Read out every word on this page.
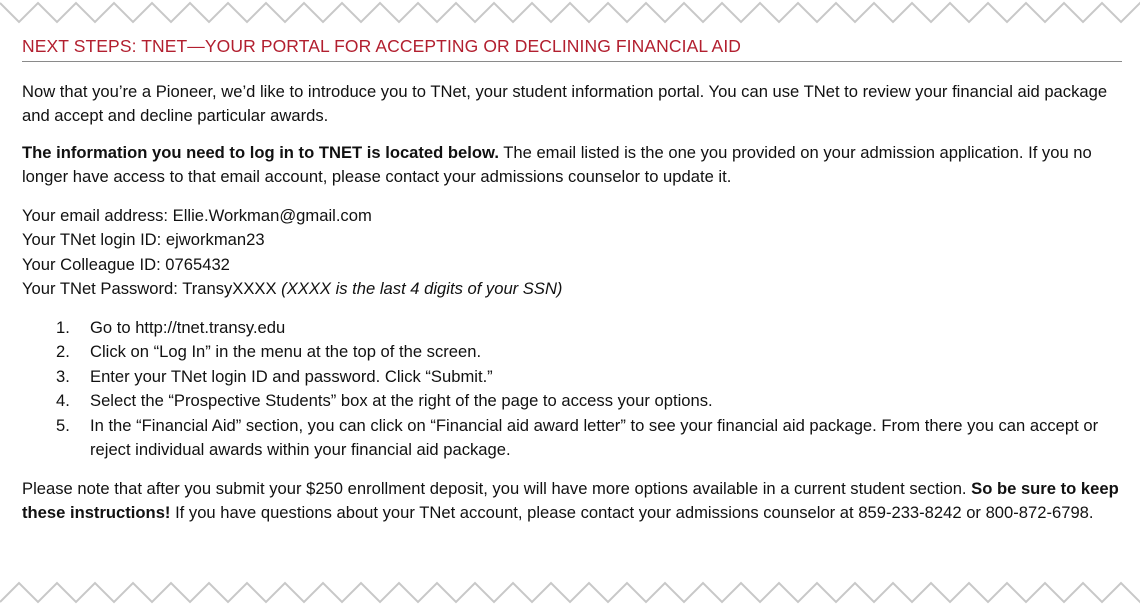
NEXT STEPS: TNET—YOUR PORTAL FOR ACCEPTING OR DECLINING FINANCIAL AID

Now that you’re a Pioneer, we’d like to introduce you to TNet, your student information portal. You can use TNet to review your financial aid package and accept and decline particular awards.

The information you need to log in to TNET is located below. The email listed is the one you provided on your admission application. If you no longer have access to that email account, please contact your admissions counselor to update it.

Your email address: Ellie.Workman@gmail.com
Your TNet login ID: ejworkman23
Your Colleague ID: 0765432
Your TNet Password: TransyXXXX (XXXX is the last 4 digits of your SSN)
1. Go to http://tnet.transy.edu
2. Click on “Log In” in the menu at the top of the screen.
3. Enter your TNet login ID and password. Click “Submit.”
4. Select the “Prospective Students” box at the right of the page to access your options.
5. In the “Financial Aid” section, you can click on “Financial aid award letter” to see your financial aid package. From there you can accept or reject individual awards within your financial aid package.

Please note that after you submit your $250 enrollment deposit, you will have more options available in a current student section. So be sure to keep these instructions! If you have questions about your TNet account, please contact your admissions counselor at 859-233-8242 or 800-872-6798.
